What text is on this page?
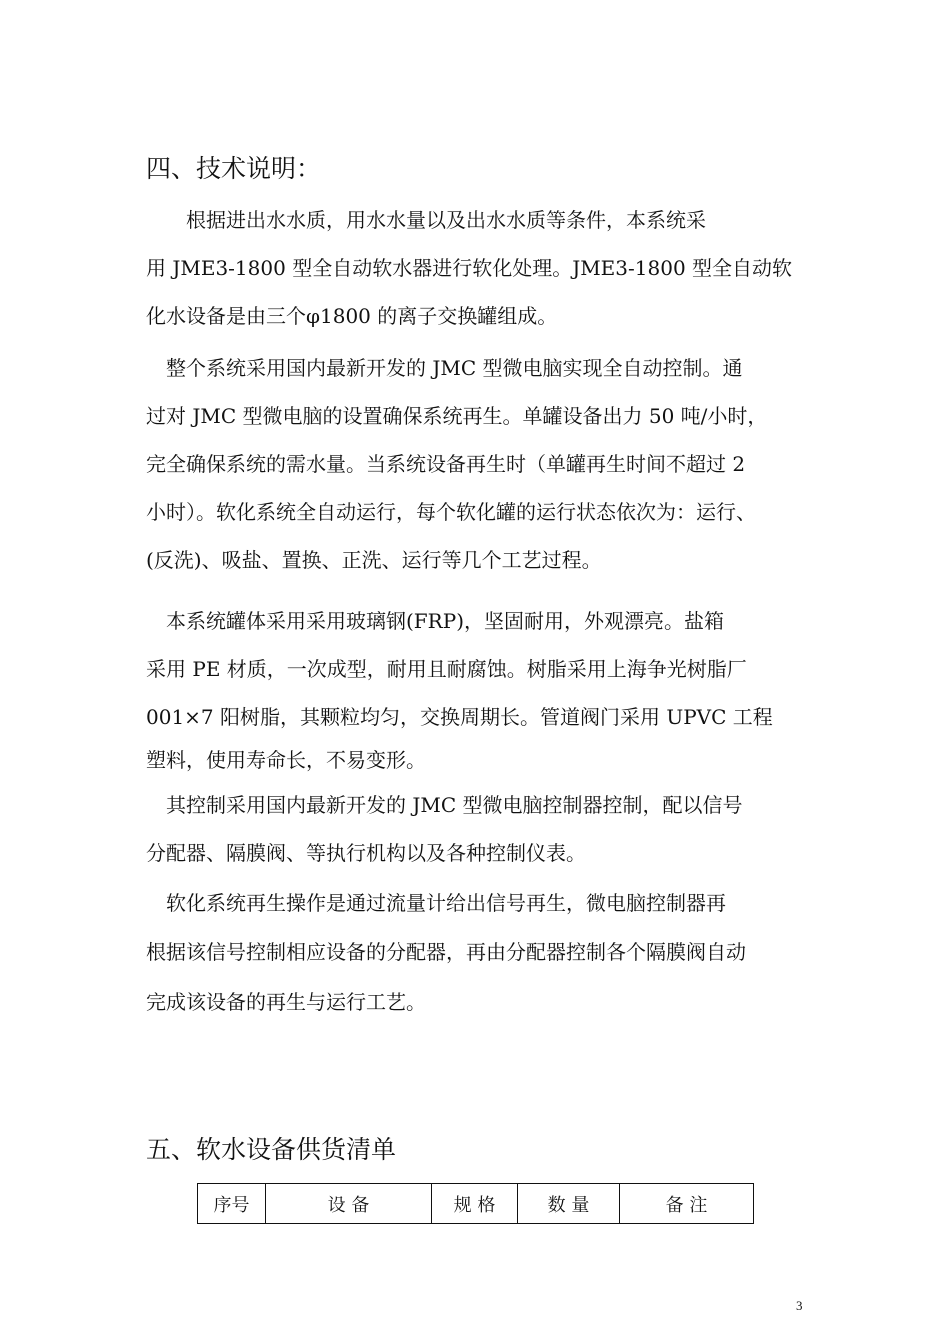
四、技术说明：
　　根据进出水水质，用水水量以及出水水质等条件，本系统采
用 JME3-1800 型全自动软水器进行软化处理。JME3-1800 型全自动软
化水设备是由三个φ1800 的离子交换罐组成。
　整个系统采用国内最新开发的 JMC 型微电脑实现全自动控制。通
过对 JMC 型微电脑的设置确保系统再生。单罐设备出力 50 吨/小时，
完全确保系统的需水量。当系统设备再生时（单罐再生时间不超过 2
小时）。软化系统全自动运行，每个软化罐的运行状态依次为：运行、
(反洗)、吸盐、置换、正洗、运行等几个工艺过程。
　本系统罐体采用采用玻璃钢(FRP)，坚固耐用，外观漂亮。盐箱
采用 PE 材质，一次成型，耐用且耐腐蚀。树脂采用上海争光树脂厂
001×7 阳树脂，其颗粒均匀，交换周期长。管道阀门采用 UPVC 工程
塑料，使用寿命长，不易变形。
　其控制采用国内最新开发的 JMC 型微电脑控制器控制，配以信号
分配器、隔膜阀、等执行机构以及各种控制仪表。
　软化系统再生操作是通过流量计给出信号再生，微电脑控制器再
根据该信号控制相应设备的分配器，再由分配器控制各个隔膜阀自动
完成该设备的再生与运行工艺。
五、软水设备供货清单
序号	设 备	规 格	数 量	备 注
3
